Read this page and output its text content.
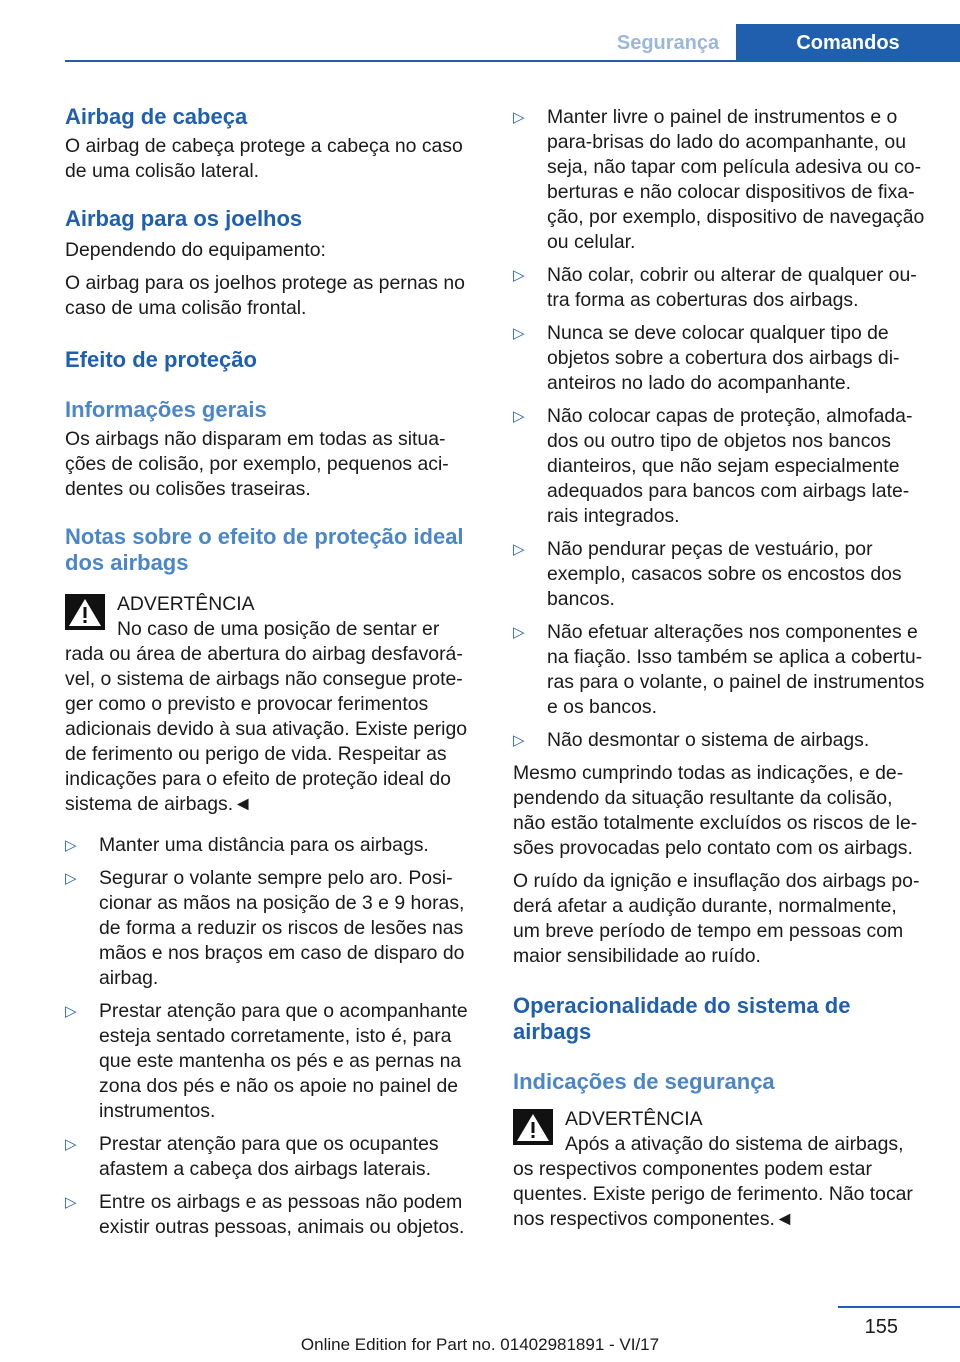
Segurança	Comandos
Airbag de cabeça

O airbag de cabeça protege a cabeça no caso de uma colisão lateral.

Airbag para os joelhos

Dependendo do equipamento:

O airbag para os joelhos protege as pernas no caso de uma colisão frontal.

Efeito de proteção
Informações gerais

Os airbags não disparam em todas as situações de colisão, por exemplo, pequenos acidentes ou colisões traseiras.

Notas sobre o efeito de proteção ideal dos airbags

ADVERTÊNCIA

No caso de uma posição de sentar er

rada ou área de abertura do airbag desfavorável, o sistema de airbags não consegue proteger como o previsto e provocar ferimentos adicionais devido à sua ativação. Existe perigo de ferimento ou perigo de vida. Respeitar as indicações para o efeito de proteção ideal do sistema de airbags.◄

▷ Manter uma distância para os airbags.
▷ Segurar o volante sempre pelo aro. Posicionar as mãos na posição de 3 e 9 horas, de forma a reduzir os riscos de lesões nas mãos e nos braços em caso de disparo do airbag.
▷ Prestar atenção para que o acompanhante esteja sentado corretamente, isto é, para que este mantenha os pés e as pernas na zona dos pés e não os apoie no painel de instrumentos.
▷ Prestar atenção para que os ocupantes afastem a cabeça dos airbags laterais.
▷ Entre os airbags e as pessoas não podem existir outras pessoas, animais ou objetos.
▷ Manter livre o painel de instrumentos e o para-brisas do lado do acompanhante, ou seja, não tapar com película adesiva ou coberturas e não colocar dispositivos de fixação, por exemplo, dispositivo de navegação ou celular.
▷ Não colar, cobrir ou alterar de qualquer outra forma as coberturas dos airbags.
▷ Nunca se deve colocar qualquer tipo de objetos sobre a cobertura dos airbags dianteiros no lado do acompanhante.
▷ Não colocar capas de proteção, almofadados ou outro tipo de objetos nos bancos dianteiros, que não sejam especialmente adequados para bancos com airbags laterais integrados.
▷ Não pendurar peças de vestuário, por exemplo, casacos sobre os encostos dos bancos.
▷ Não efetuar alterações nos componentes e na fiação. Isso também se aplica a coberturas para o volante, o painel de instrumentos e os bancos.
▷ Não desmontar o sistema de airbags.

Mesmo cumprindo todas as indicações, e dependendo da situação resultante da colisão, não estão totalmente excluídos os riscos de lesões provocadas pelo contato com os airbags.

O ruído da ignição e insuflação dos airbags poderá afetar a audição durante, normalmente, um breve período de tempo em pessoas com maior sensibilidade ao ruído.

Operacionalidade do sistema de airbags
Indicações de segurança

ADVERTÊNCIA

Após a ativação do sistema de airbags,

os respectivos componentes podem estar quentes. Existe perigo de ferimento. Não tocar nos respectivos componentes.◄

155
Online Edition for Part no. 01402981891 - VI/17
